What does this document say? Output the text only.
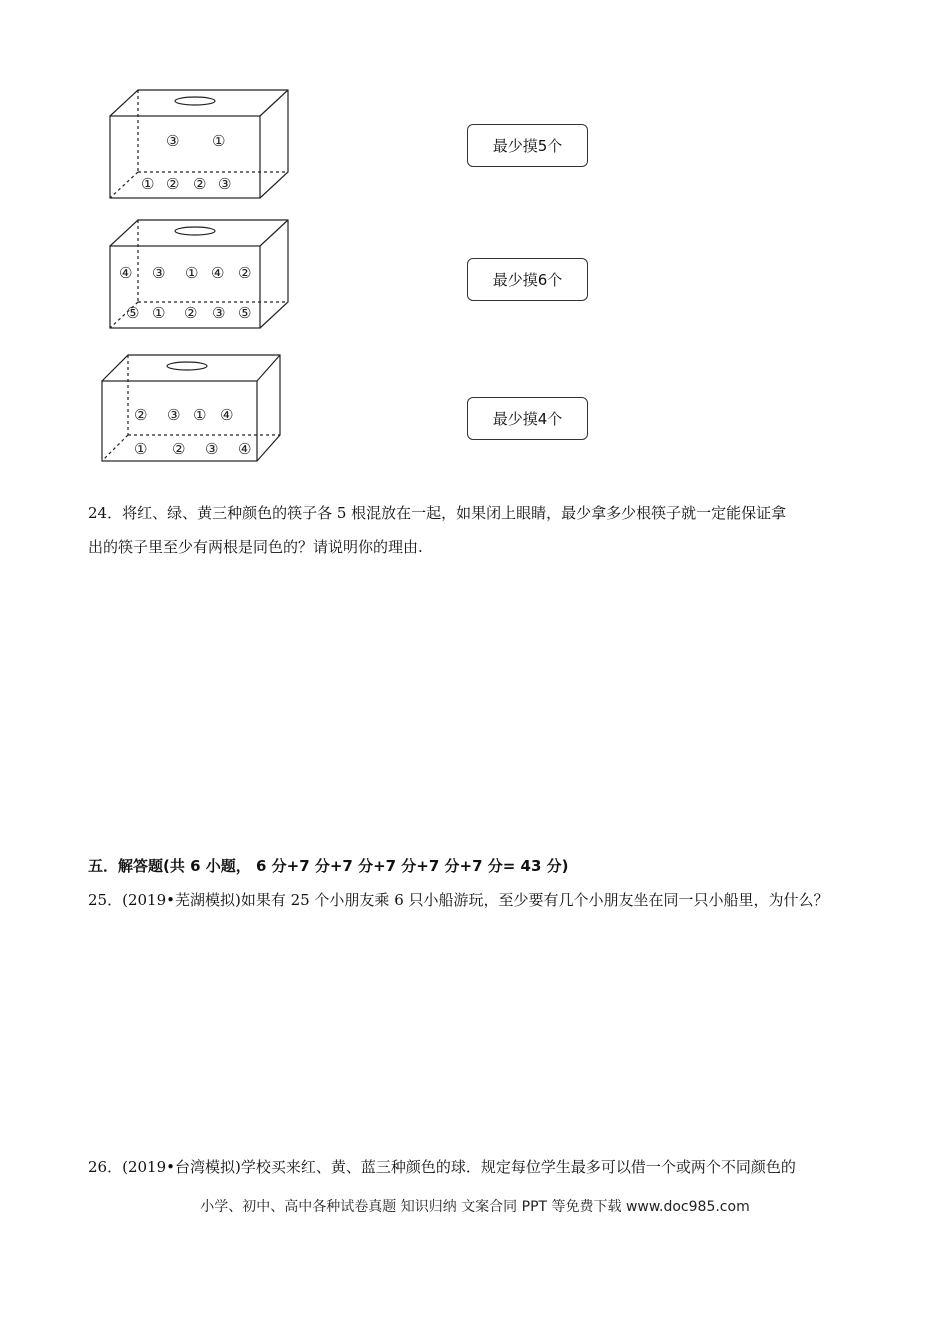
③ ①
① ② ② ③
最少摸5个
④ ③ ① ④ ②
⑤ ① ② ③ ⑤
最少摸6个
② ③ ① ④
① ② ③ ④
最少摸4个
24．将红、绿、黄三种颜色的筷子各 5 根混放在一起，如果闭上眼睛，最少拿多少根筷子就一定能保证拿
出的筷子里至少有两根是同色的？请说明你的理由.
五．解答题(共 6 小题， 6 分+7 分+7 分+7 分+7 分+7 分= 43 分)
25．(2019•芜湖模拟)如果有 25 个小朋友乘 6 只小船游玩，至少要有几个小朋友坐在同一只小船里，为什么？
26．(2019•台湾模拟)学校买来红、黄、蓝三种颜色的球．规定每位学生最多可以借一个或两个不同颜色的
小学、初中、高中各种试卷真题 知识归纳 文案合同 PPT 等免费下载 www.doc985.com
